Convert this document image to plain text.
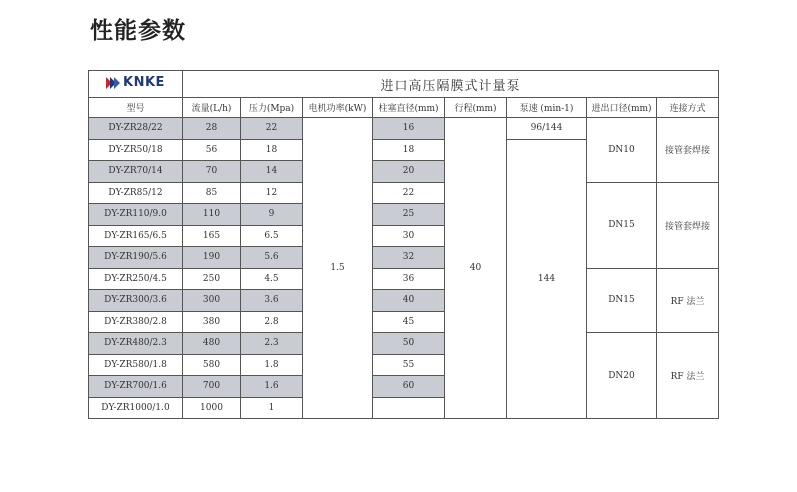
性能参数
KNKE	进口高压隔膜式计量泵							
型号	流量(L/h)	压力(Mpa)	电机功率(kW)	柱塞直径(mm)	行程(mm)	泵速 (min-1)	进出口径(mm)	连接方式
DY-ZR28/22	28	22	1.5	16	40	96/144	DN10	接管套焊接
DY-ZR50/18	56	18		18		144		
DY-ZR70/14	70	14		20				
DY-ZR85/12	85	12		22			DN15	接管套焊接
DY-ZR110/9.0	110	9		25				
DY-ZR165/6.5	165	6.5		30				
DY-ZR190/5.6	190	5.6		32				
DY-ZR250/4.5	250	4.5		36			DN15	RF 法兰
DY-ZR300/3.6	300	3.6		40				
DY-ZR380/2.8	380	2.8		45				
DY-ZR480/2.3	480	2.3		50			DN20	RF 法兰
DY-ZR580/1.8	580	1.8		55				
DY-ZR700/1.6	700	1.6		60				
DY-ZR1000/1.0	1000	1						
